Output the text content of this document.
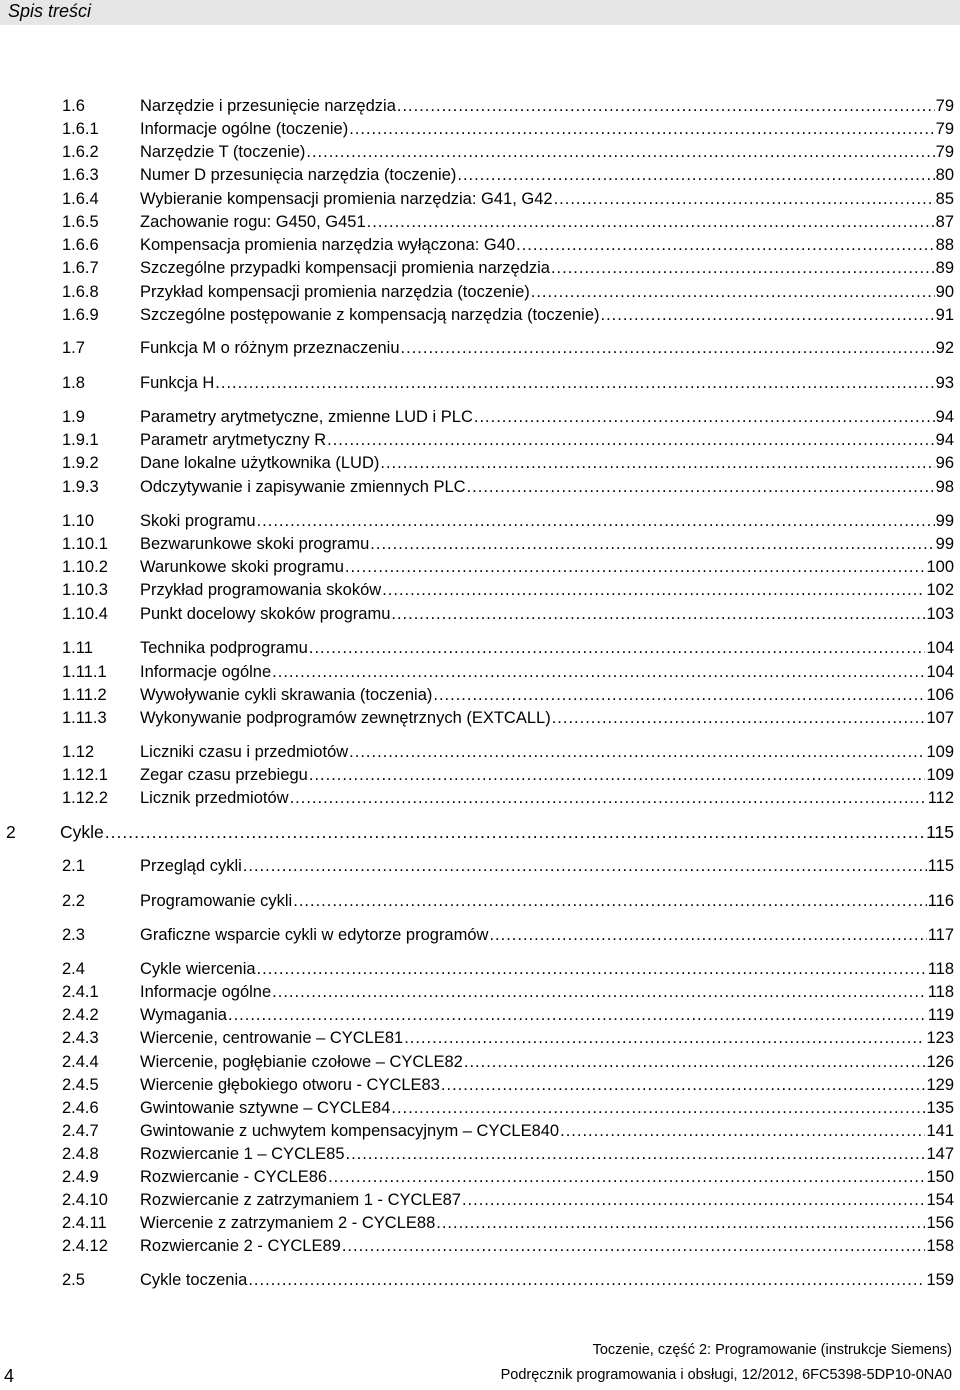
Spis treści
1.6	Narzędzie i przesunięcie narzędzia .....	79
1.6.1	Informacje ogólne (toczenie) .....	79
1.6.2	Narzędzie T (toczenie) .....	79
1.6.3	Numer D przesunięcia narzędzia (toczenie) .....	80
1.6.4	Wybieranie kompensacji promienia narzędzia: G41, G42 .....	85
1.6.5	Zachowanie rogu: G450, G451 .....	87
1.6.6	Kompensacja promienia narzędzia wyłączona: G40 .....	88
1.6.7	Szczególne przypadki kompensacji promienia narzędzia .....	89
1.6.8	Przykład kompensacji promienia narzędzia (toczenie) .....	90
1.6.9	Szczególne postępowanie z kompensacją narzędzia (toczenie) .....	91
1.7	Funkcja M o różnym przeznaczeniu .....	92
1.8	Funkcja H .....	93
1.9	Parametry arytmetyczne, zmienne LUD i PLC .....	94
1.9.1	Parametr arytmetyczny R .....	94
1.9.2	Dane lokalne użytkownika (LUD) .....	96
1.9.3	Odczytywanie i zapisywanie zmiennych PLC .....	98
1.10	Skoki programu .....	99
1.10.1	Bezwarunkowe skoki programu .....	99
1.10.2	Warunkowe skoki programu .....	100
1.10.3	Przykład programowania skoków .....	102
1.10.4	Punkt docelowy skoków programu .....	103
1.11	Technika podprogramu .....	104
1.11.1	Informacje ogólne .....	104
1.11.2	Wywoływanie cykli skrawania (toczenia) .....	106
1.11.3	Wykonywanie podprogramów zewnętrznych (EXTCALL) .....	107
1.12	Liczniki czasu i przedmiotów .....	109
1.12.1	Zegar czasu przebiegu .....	109
1.12.2	Licznik przedmiotów .....	112
2	Cykle .....	115
2.1	Przegląd cykli .....	115
2.2	Programowanie cykli .....	116
2.3	Graficzne wsparcie cykli w edytorze programów .....	117
2.4	Cykle wiercenia .....	118
2.4.1	Informacje ogólne .....	118
2.4.2	Wymagania .....	119
2.4.3	Wiercenie, centrowanie – CYCLE81 .....	123
2.4.4	Wiercenie, pogłębianie czołowe – CYCLE82 .....	126
2.4.5	Wiercenie głębokiego otworu - CYCLE83 .....	129
2.4.6	Gwintowanie sztywne – CYCLE84 .....	135
2.4.7	Gwintowanie z uchwytem kompensacyjnym – CYCLE840 .....	141
2.4.8	Rozwiercanie 1 – CYCLE85 .....	147
2.4.9	Rozwiercanie - CYCLE86 .....	150
2.4.10	Rozwiercanie z zatrzymaniem 1 - CYCLE87 .....	154
2.4.11	Wiercenie z zatrzymaniem 2 - CYCLE88 .....	156
2.4.12	Rozwiercanie 2 - CYCLE89 .....	158
2.5	Cykle toczenia .....	159
4
Toczenie, część 2: Programowanie (instrukcje Siemens)
Podręcznik programowania i obsługi, 12/2012, 6FC5398-5DP10-0NA0
